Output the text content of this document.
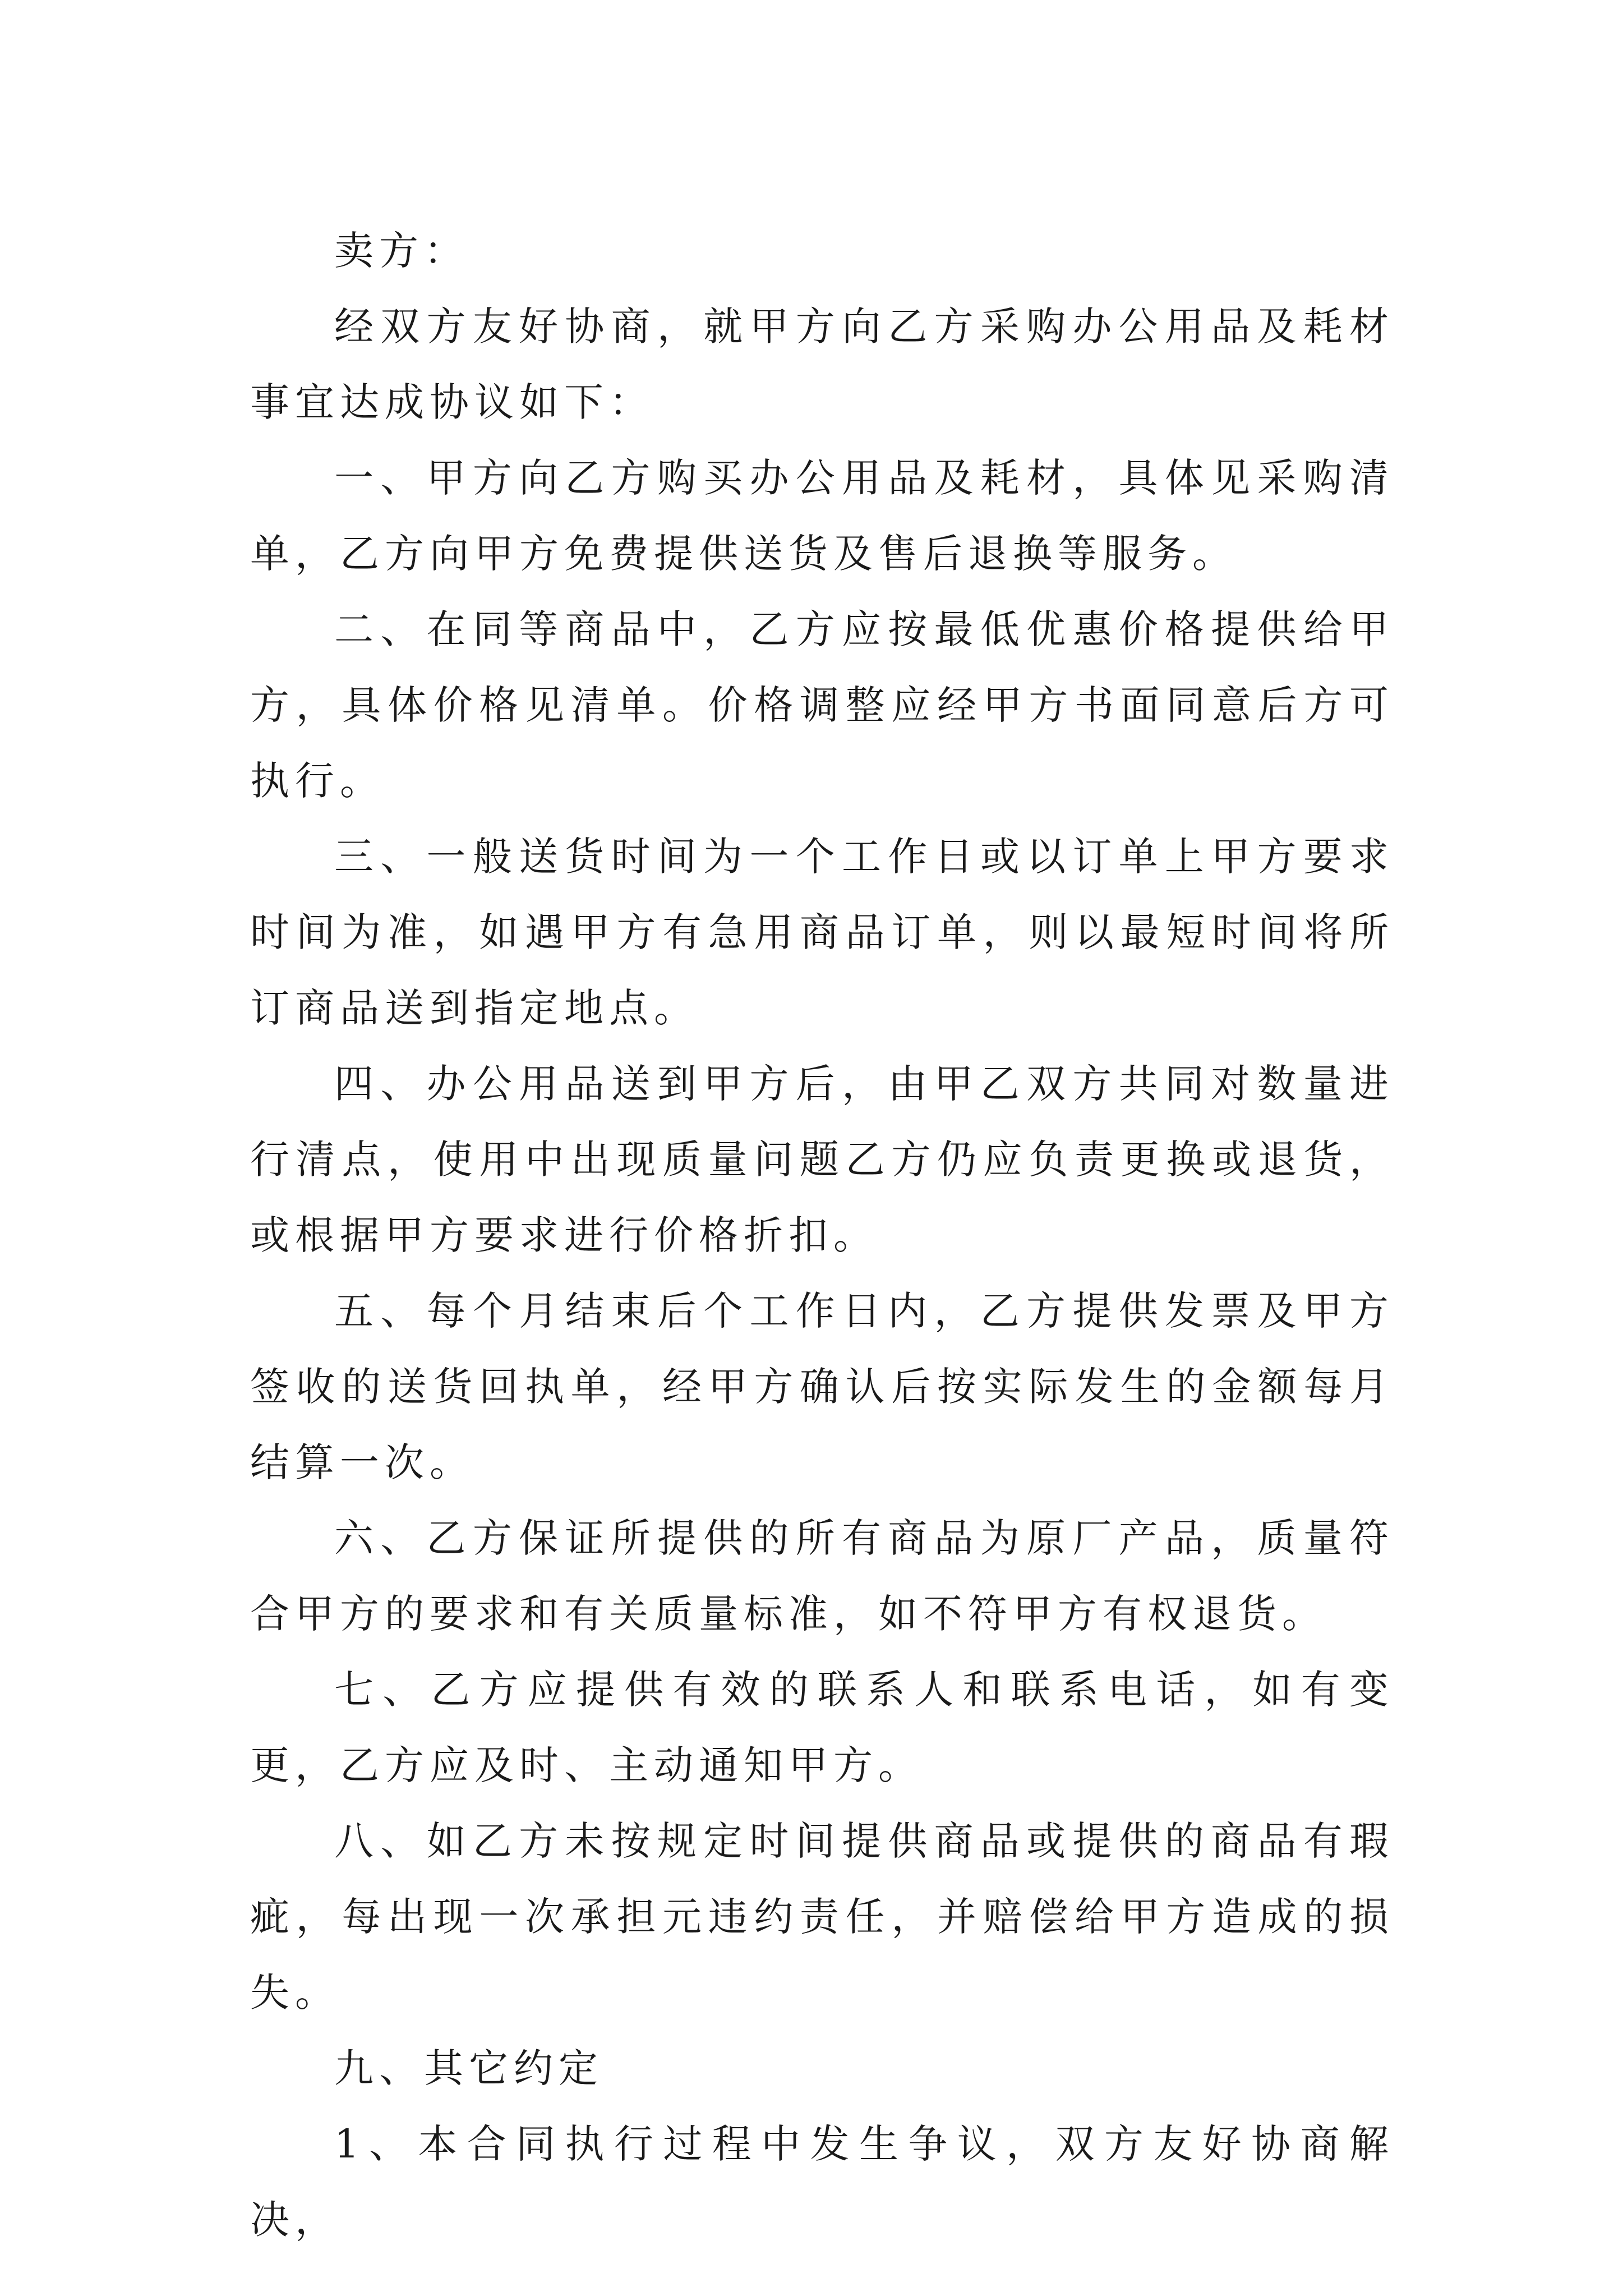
卖方：

经双方友好协商，就甲方向乙方采购办公用品及耗材事宜达成协议如下：

一、甲方向乙方购买办公用品及耗材，具体见采购清单，乙方向甲方免费提供送货及售后退换等服务。

二、在同等商品中，乙方应按最低优惠价格提供给甲方，具体价格见清单。价格调整应经甲方书面同意后方可执行。

三、一般送货时间为一个工作日或以订单上甲方要求时间为准，如遇甲方有急用商品订单，则以最短时间将所订商品送到指定地点。

四、办公用品送到甲方后，由甲乙双方共同对数量进行清点，使用中出现质量问题乙方仍应负责更换或退货，或根据甲方要求进行价格折扣。

五、每个月结束后个工作日内，乙方提供发票及甲方签收的送货回执单，经甲方确认后按实际发生的金额每月结算一次。

六、乙方保证所提供的所有商品为原厂产品，质量符合甲方的要求和有关质量标准，如不符甲方有权退货。

七、乙方应提供有效的联系人和联系电话，如有变更，乙方应及时、主动通知甲方。

八、如乙方未按规定时间提供商品或提供的商品有瑕疵，每出现一次承担元违约责任，并赔偿给甲方造成的损失。

九、其它约定

1、本合同执行过程中发生争议，双方友好协商解决，
